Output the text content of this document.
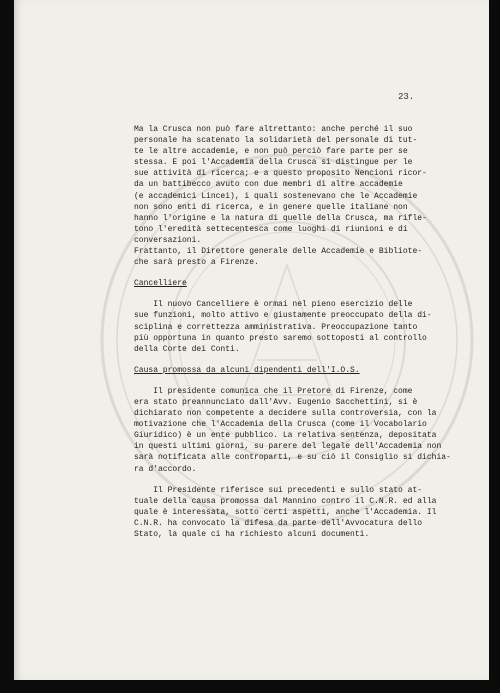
23.
Ma la Crusca non può fare altrettanto: anche perché il suo
personale ha scatenato la solidarietà del personale di tut-
te le altre accademie, e non può perciò fare parte per se
stessa. E poi l'Accademia della Crusca si distingue per le
sue attività di ricerca; e a questo proposito Nencioni ricor-
da un battibecco avuto con due membri di altre accademie
(e accademici Lincei), i quali sostenevano che le Accademie
non sono enti di ricerca, e in genere quelle italiane non
hanno l'origine e la natura di quelle della Crusca, ma rifle-
tono l'eredità settecentesca come luoghi di riunioni e di
conversazioni.
Frattanto, il Direttore generale delle Accademie e Bibliote-
che sarà presto a Firenze.
Cancelliere
Il nuovo Cancelliere è ormai nel pieno esercizio delle
sue funzioni, molto attivo e giustamente preoccupato della di-
sciplina e correttezza amministrativa. Preoccupazione tanto
più opportuna in quanto presto saremo sottoposti al controllo
della Corte dei Conti.
Causa promossa da alcuni dipendenti dell'I.O.S.
Il presidente comunica che il Pretore di Firenze, come
era stato preannunciato dall'Avv. Eugenio Sacchettini, si è
dichiarato non competente a decidere sulla controversia, con la
motivazione che l'Accademia della Crusca (come il Vocabolario
Giuridico) è un ente pubblico. La relativa sentenza, depositata
in questi ultimi giorni, su parere del legale dell'Accademia non
sarà notificata alle controparti, e su ciò il Consiglio si dichia-
ra d'accordo.
Il Presidente riferisce sui precedenti e sullo stato at-
tuale della causa promossa dal Mannino contro il C.N.R. ed alla
quale è interessata, sotto certi aspetti, anche l'Accademia. Il
C.N.R. ha convocato la difesa da parte dell'Avvocatura dello
Stato, la quale ci ha richiesto alcuni documenti.
